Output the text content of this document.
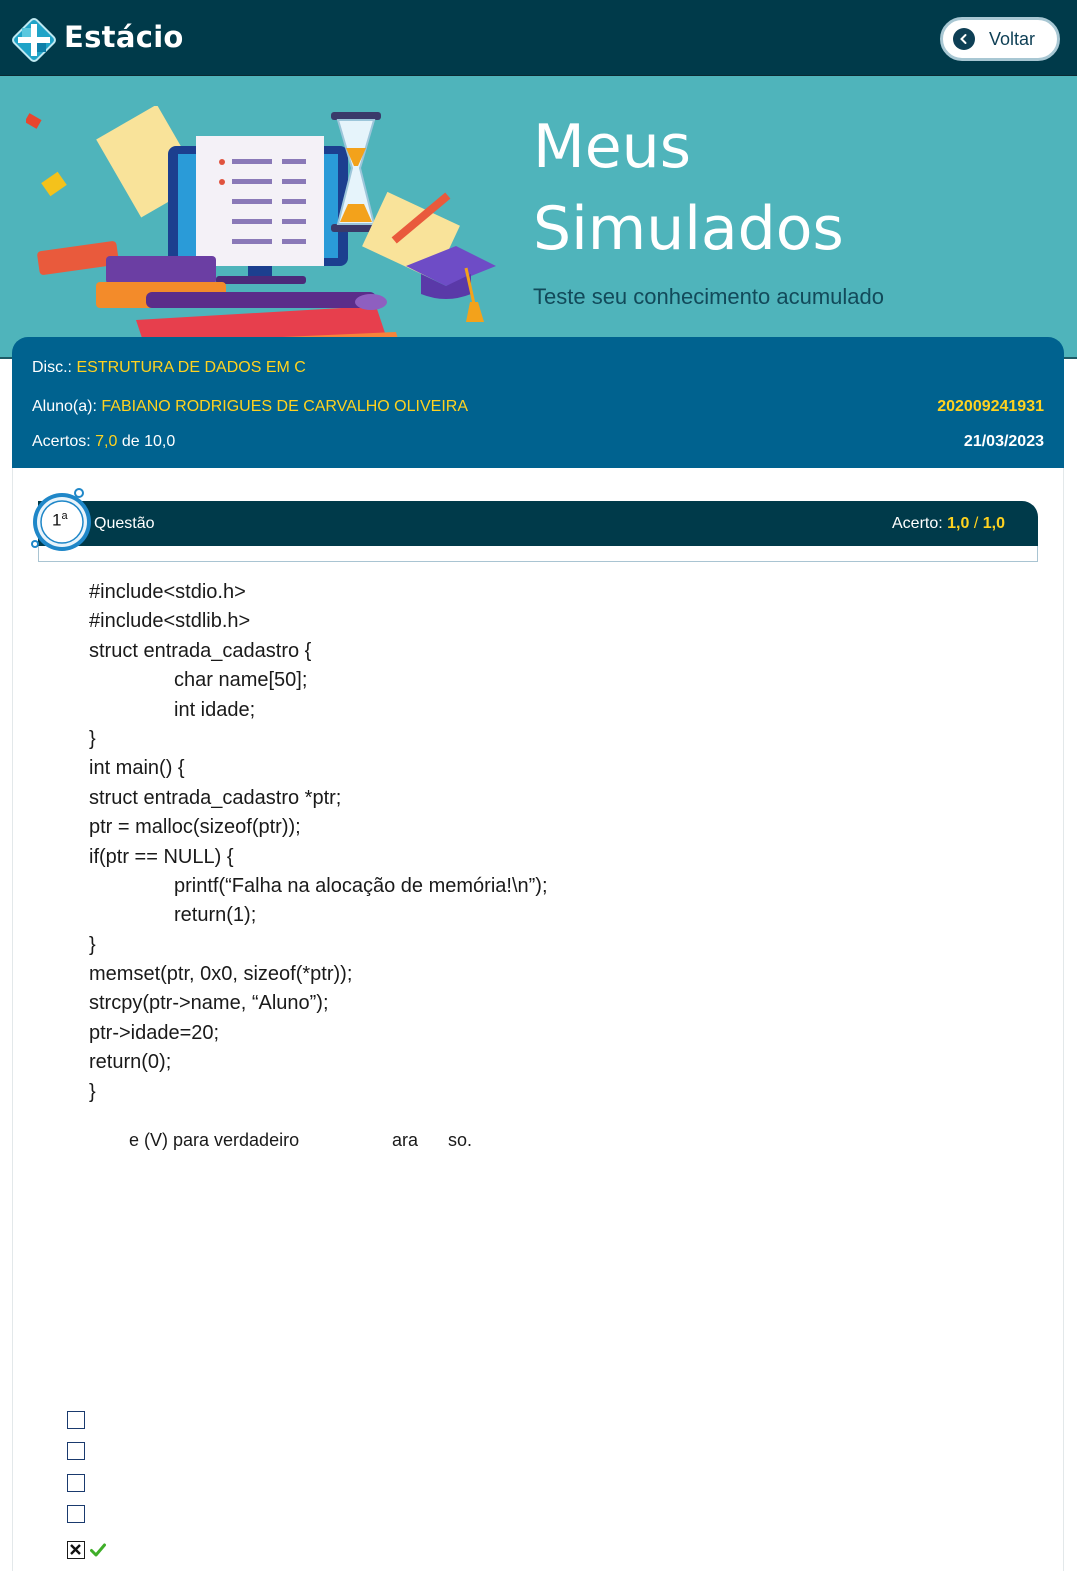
Estácio	Voltar
Meus
Simulados
Teste seu conhecimento acumulado
Disc.: ESTRUTURA DE DADOS EM C
Aluno(a): FABIANO RODRIGUES DE CARVALHO OLIVEIRA	202009241931
Acertos: 7,0 de 10,0	21/03/2023
1$^a$ Questão	Acerto: 1,0 / 1,0
#include<stdio.h>
#include<stdlib.h>
struct entrada_cadastro {
char name[50];
int idade;
}
int main() {
struct entrada_cadastro *ptr;
ptr = malloc(sizeof(ptr));
if(ptr == NULL) {
printf(“Falha na alocação de memória!\n”);
return(1);
}
memset(ptr, 0x0, sizeof(*ptr));
strcpy(ptr->name, “Aluno”);
ptr->idade=20;
return(0);
}
e (V) para verdadeiro	ara so.
